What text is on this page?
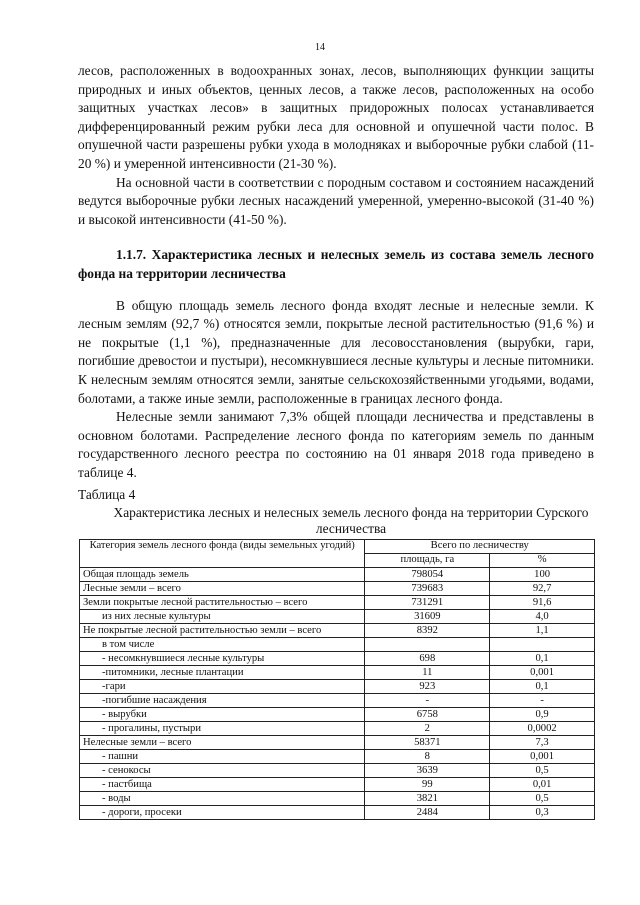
14

лесов, расположенных в водоохранных зонах, лесов, выполняющих функции защиты природных и иных объектов, ценных лесов, а также лесов, расположенных на особо защитных участках лесов» в защитных придорожных полосах устанавливается дифференцированный режим рубки леса для основной и опушечной части полос. В опушечной части разрешены рубки ухода в молодняках и выборочные рубки слабой (11-20 %) и умеренной интенсивности (21-30 %).

На основной части в соответствии с породным составом и состоянием насаждений ведутся выборочные рубки лесных насаждений умеренной, умеренно-высокой (31-40 %) и высокой интенсивности (41-50 %).

1.1.7. Характеристика лесных и нелесных земель из состава земель лесного фонда на территории лесничества

В общую площадь земель лесного фонда входят лесные и нелесные земли. К лесным землям (92,7 %) относятся земли, покрытые лесной растительностью (91,6 %) и не покрытые (1,1 %), предназначенные для лесовосстановления (вырубки, гари, погибшие древостои и пустыри), несомкнувшиеся лесные культуры и лесные питомники. К нелесным землям относятся земли, занятые сельскохозяйственными угодьями, водами, болотами, а также иные земли, расположенные в границах лесного фонда.

Нелесные земли занимают 7,3% общей площади лесничества и представлены в основном болотами. Распределение лесного фонда по категориям земель по данным государственного лесного реестра по состоянию на 01 января 2018 года приведено в таблице 4.

Таблица 4

Характеристика лесных и нелесных земель лесного фонда на территории Сурского лесничества

Категория земель лесного фонда (виды земельных угодий)	Всего по лесничеству	
	площадь, га	%
Общая площадь земель	798054	100
Лесные земли – всего	739683	92,7
Земли покрытые лесной растительностью – всего	731291	91,6
из них лесные культуры	31609	4,0
Не покрытые лесной растительностью земли – всего	8392	1,1
в том числе		
- несомкнувшиеся лесные культуры	698	0,1
-питомники, лесные плантации	11	0,001
-гари	923	0,1
-погибшие насаждения	-	-
- вырубки	6758	0,9
- прогалины, пустыри	2	0,0002
Нелесные земли – всего	58371	7,3
- пашни	8	0,001
- сенокосы	3639	0,5
- пастбища	99	0,01
- воды	3821	0,5
- дороги, просеки	2484	0,3
